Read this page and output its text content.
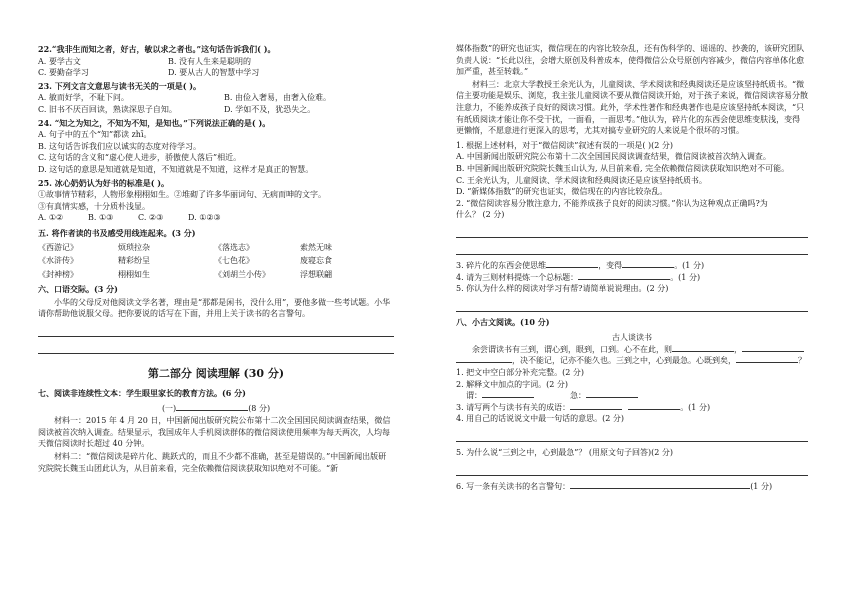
22.“我非生而知之者，好古，敏以求之者也。”这句话告诉我们( )。
A. 要学古文	B. 没有人生来是聪明的
C. 要勤奋学习	D. 要从古人的智慧中学习
23. 下列文言文意思与读书无关的一项是( )。
A. 敏而好学，不耻下问。	B. 由俭入奢易，由奢入俭难。
C. 旧书不厌百回读，熟读深思子自知。	D. 学如不及，犹恐失之。
24. “知之为知之，不知为不知，是知也。”下列说法正确的是( )。
A. 句子中的五个“知”都读 zhī。
B. 这句话告诉我们应以诚实的态度对待学习。
C. 这句话的含义和“虚心使人进步，骄傲使人落后”相近。
D. 这句话的意思是知道就是知道，不知道就是不知道，这样才是真正的智慧。
25. 冰心奶奶认为好书的标准是( )。
①故事情节精彩，人物形象栩栩如生。②堆砌了许多华丽词句、无病而呻的文字。
③有真情实感，十分质朴浅显。
A. ①②	B. ①③	C. ②③	D. ①②③
五. 将作者读的书及感受用线连起来。(3 分)
《西游记》	烦琐拉杂	《落选志》	索然无味
《水浒传》	精彩纷呈	《七色花》	废寝忘食
《封神榜》	栩栩如生	《刘胡兰小传》	浮想联翩
六、口语交际。(3 分)
小华的父母反对他阅读文学名著，理由是“那都是闲书，没什么用”，要他多做一些考试题。小华请你帮助他说服父母。把你要说的话写在下面，并用上关于读书的名言警句。
第二部分 阅读理解 (30 分)
七、阅读非连续性文本：学生眼里家长的教育方法。(6 分)
(一)	(8 分)
材料一：2015 年 4 月 20 日，中国新闻出版研究院公布第十二次全国国民阅读调查结果，微信阅读被首次纳入调查。结果显示，我国成年人手机阅读群体的微信阅读使用频率为每天两次，人均每天微信阅读时长超过 40 分钟。
材料二：“微信阅读是碎片化、跳跃式的，而且不少都不准确，甚至是错误的。”中国新闻出版研究院院长魏玉山团此认为，从目前来看，完全依赖微信阅读获取知识绝对不可能。“新
媒体指数”的研究也证实，微信现在的内容比较杂乱，还有伪科学的、谣谣的、抄袭的，该研究团队负责人说：“长此以往，会增大原创及科普成本，使得微信公众号原创内容减少，微信内容单体化愈加严重，甚至转载。”
材料三：北京大学教授王余光认为，儿童阅读、学术阅读和经典阅读还是应该坚持纸质书。“微信主要功能是娱乐、浏览，我主张儿童阅读不要从微信阅读开始，对于孩子来说，微信阅读容易分散注意力，不能养成孩子良好的阅读习惯。此外，学术性著作和经典著作也是应该坚持纸本阅读，“只有纸质阅读才能让你不受干扰，一面看，一面思考。”他认为，碎片化的东西会使思维变肤浅，变得更懒惰，不愿意进行更深入的思考，尤其对搞专业研究的人来说是个很坏的习惯。
1. 根据上述材料，对于“微信阅读”叙述有误的一项是( )(2 分)
A. 中国新闻出版研究院公布第十二次全国国民阅读调查结果，微信阅读被首次纳入调查。
B. 中国新闻出版研究院院长魏玉山认为, 从目前来看, 完全依赖微信阅读获取知识绝对不可能。
C. 王余光认为，儿童阅读、学术阅读和经典阅读还是应该坚持纸质书。
D. “新媒体指数”的研究也证实，微信现在的内容比较杂乱。
2. “微信阅读容易分散注意力, 不能养成孩子良好的阅读习惯。”你认为这种观点正确吗?为
什么？ (2 分)
3. 碎片化的东西会使思维	，变得	。(1 分)
4. 请为三则材料提炼一个总标题：	。(1 分)
5. 你认为什么样的阅读对学习有帮?请简单说说理由。(2 分)
八、小古文阅读。(10 分)
古人谈读书
余尝谓读书有三到，谓心到，眼到，口到。心不在此，则	，
，决不能记，记亦不能久也。三到之中，心到最急。心既到矣，	？
1. 把文中空白部分补充完整。(2 分)
2. 解释文中加点的字词。(2 分)
谓：	急：
3. 请写两个与读书有关的成语：	。(1 分)
4. 用自己的话说说文中最一句话的意思。(2 分)
5. 为什么说“三到之中，心到最急”？ (用原文句子回答)(2 分)
6. 写一条有关读书的名言警句：	(1 分)
